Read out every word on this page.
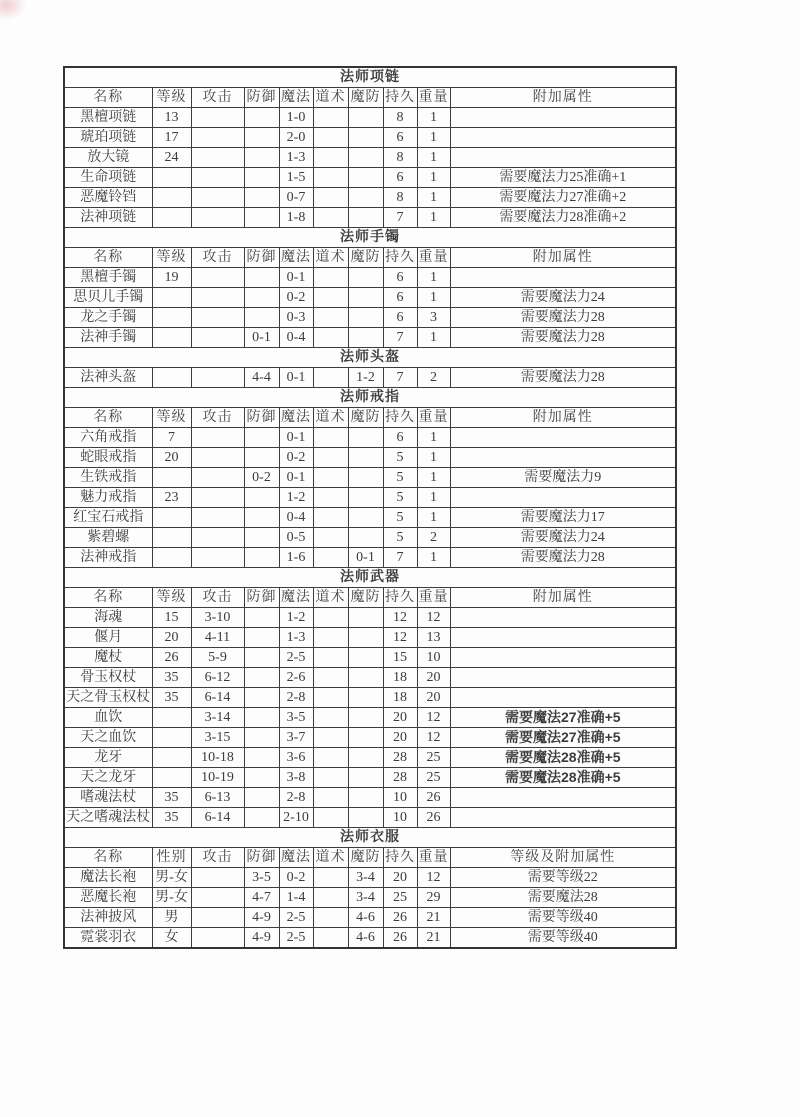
法师项链									
名称	等级	攻击	防御	魔法	道术	魔防	持久	重量	附加属性
黑檀项链	13			1-0			8	1	
琥珀项链	17			2-0			6	1	
放大镜	24			1-3			8	1	
生命项链				1-5			6	1	需要魔法力25准确+1
恶魔铃铛				0-7			8	1	需要魔法力27准确+2
法神项链				1-8			7	1	需要魔法力28准确+2
法师手镯									
名称	等级	攻击	防御	魔法	道术	魔防	持久	重量	附加属性
黑檀手镯	19			0-1			6	1	
思贝儿手镯				0-2			6	1	需要魔法力24
龙之手镯				0-3			6	3	需要魔法力28
法神手镯			0-1	0-4			7	1	需要魔法力28
法师头盔									
法神头盔			4-4	0-1		1-2	7	2	需要魔法力28
法师戒指									
名称	等级	攻击	防御	魔法	道术	魔防	持久	重量	附加属性
六角戒指	7			0-1			6	1	
蛇眼戒指	20			0-2			5	1	
生铁戒指			0-2	0-1			5	1	需要魔法力9
魅力戒指	23			1-2			5	1	
红宝石戒指				0-4			5	1	需要魔法力17
紫碧螺				0-5			5	2	需要魔法力24
法神戒指				1-6		0-1	7	1	需要魔法力28
法师武器									
名称	等级	攻击	防御	魔法	道术	魔防	持久	重量	附加属性
海魂	15	3-10		1-2			12	12	
偃月	20	4-11		1-3			12	13	
魔杖	26	5-9		2-5			15	10	
骨玉权杖	35	6-12		2-6			18	20	
天之骨玉权杖	35	6-14		2-8			18	20	
血饮		3-14		3-5			20	12	需要魔法27准确+5
天之血饮		3-15		3-7			20	12	需要魔法27准确+5
龙牙		10-18		3-6			28	25	需要魔法28准确+5
天之龙牙		10-19		3-8			28	25	需要魔法28准确+5
嗜魂法杖	35	6-13		2-8			10	26	
天之嗜魂法杖	35	6-14		2-10			10	26	
法师衣服									
名称	性别	攻击	防御	魔法	道术	魔防	持久	重量	等级及附加属性
魔法长袍	男-女		3-5	0-2		3-4	20	12	需要等级22
恶魔长袍	男-女		4-7	1-4		3-4	25	29	需要魔法28
法神披风	男		4-9	2-5		4-6	26	21	需要等级40
霓裳羽衣	女		4-9	2-5		4-6	26	21	需要等级40
